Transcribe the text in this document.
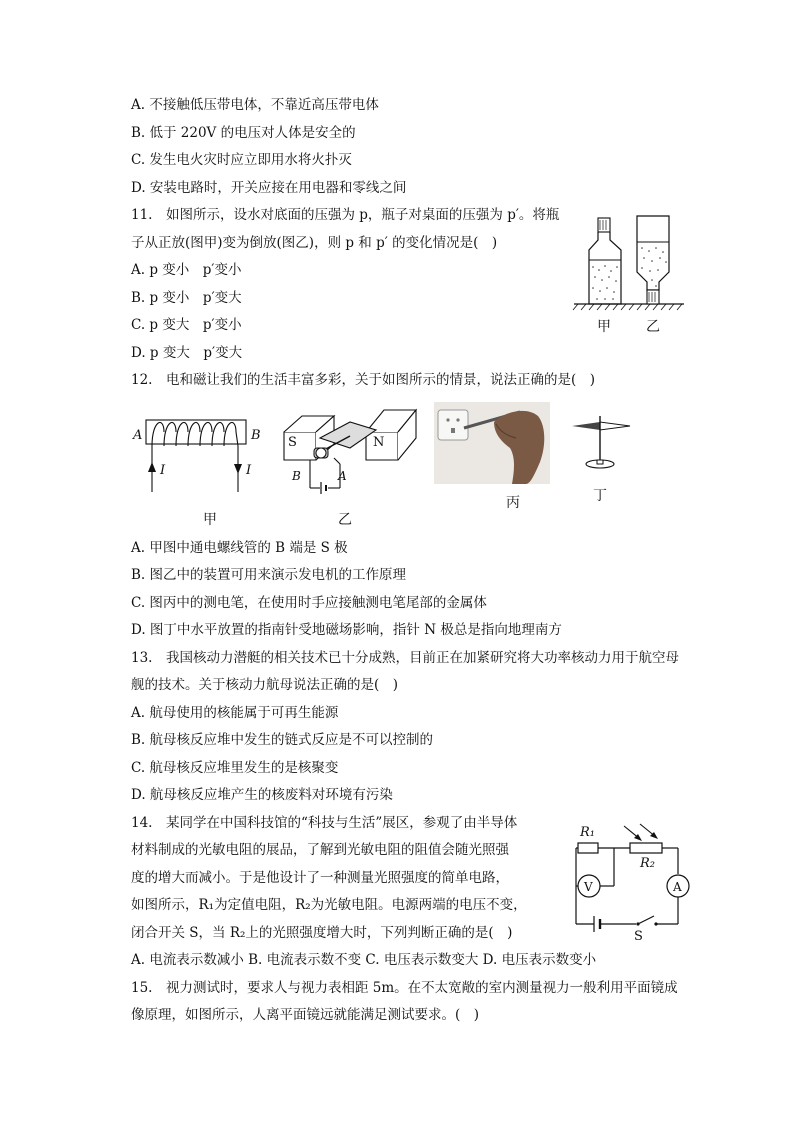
A. 不接触低压带电体，不靠近高压带电体
B. 低于 220V 的电压对人体是安全的
C. 发生电火灾时应立即用水将火扑灭
D. 安装电路时，开关应接在用电器和零线之间
11.　如图所示，设水对底面的压强为 p，瓶子对桌面的压强为 p′。将瓶
子从正放(图甲)变为倒放(图乙)，则 p 和 p′ 的变化情况是(　)
A. p 变小　p′变小
B. p 变小　p′变大
C. p 变大　p′变小
D. p 变大　p′变大
12.　电和磁让我们的生活丰富多彩，关于如图所示的情景，说法正确的是(　)
A. 甲图中通电螺线管的 B 端是 S 极
B. 图乙中的装置可用来演示发电机的工作原理
C. 图丙中的测电笔，在使用时手应接触测电笔尾部的金属体
D. 图丁中水平放置的指南针受地磁场影响，指针 N 极总是指向地理南方
13.　我国核动力潜艇的相关技术已十分成熟，目前正在加紧研究将大功率核动力用于航空母
舰的技术。关于核动力航母说法正确的是(　)
A. 航母使用的核能属于可再生能源
B. 航母核反应堆中发生的链式反应是不可以控制的
C. 航母核反应堆里发生的是核聚变
D. 航母核反应堆产生的核废料对环境有污染
14.　某同学在中国科技馆的“科技与生活”展区，参观了由半导体
材料制成的光敏电阻的展品，了解到光敏电阻的阻值会随光照强
度的增大而减小。于是他设计了一种测量光照强度的简单电路，
如图所示，R₁为定值电阻，R₂为光敏电阻。电源两端的电压不变，
闭合开关 S，当 R₂上的光照强度增大时，下列判断正确的是(　)
A. 电流表示数减小 B. 电流表示数不变 C. 电压表示数变大 D. 电压表示数变小
15.　视力测试时，要求人与视力表相距 5m。在不太宽敞的室内测量视力一般利用平面镜成
像原理，如图所示，人离平面镜远就能满足测试要求。(　)
甲	乙
A	B
I	I
甲
S	N
B	A
乙
丙	丁
R₁
R₂
V	A
S
